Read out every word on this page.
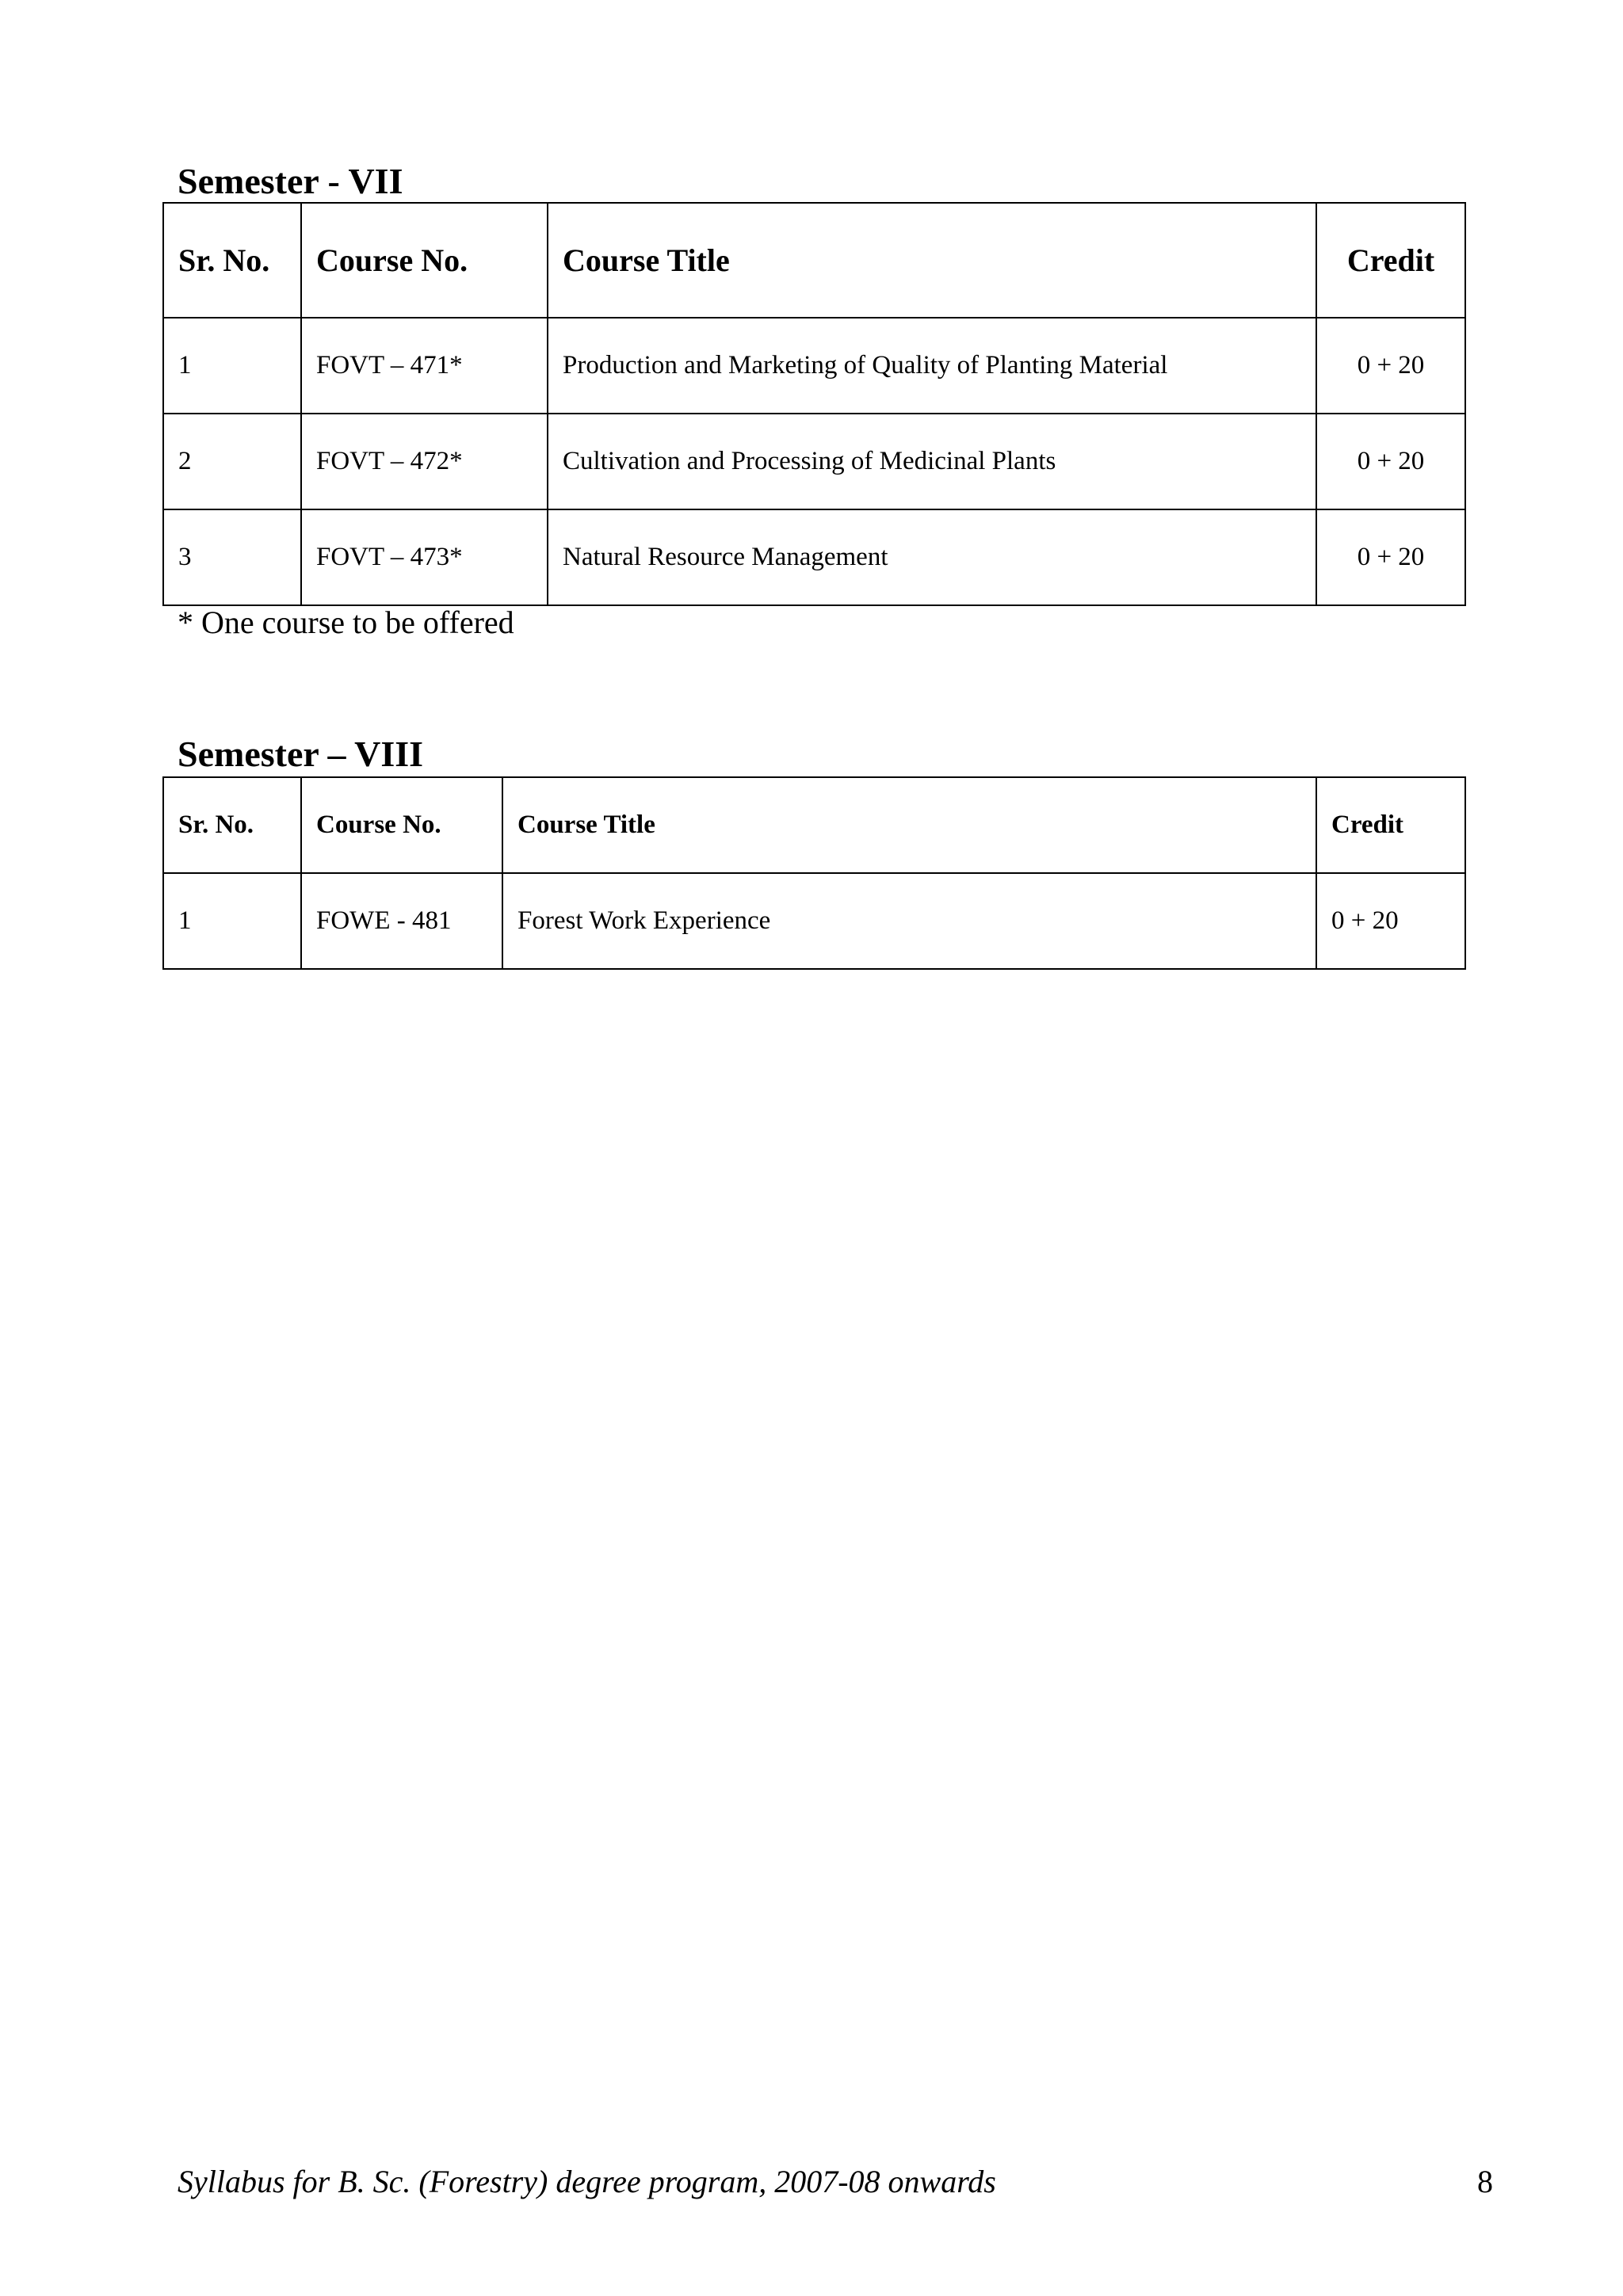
Semester - VII
Sr. No.	Course No.	Course Title	Credit
1	FOVT – 471*	Production and Marketing of Quality of Planting Material	0 + 20
2	FOVT – 472*	Cultivation and Processing of Medicinal Plants	0 + 20
3	FOVT – 473*	Natural Resource Management	0 + 20

* One course to be offered

Semester – VIII
Sr. No.	Course No.	Course Title	Credit
1	FOWE - 481	Forest Work Experience	0 + 20

Syllabus for B. Sc. (Forestry) degree program, 2007-08 onwards	8
